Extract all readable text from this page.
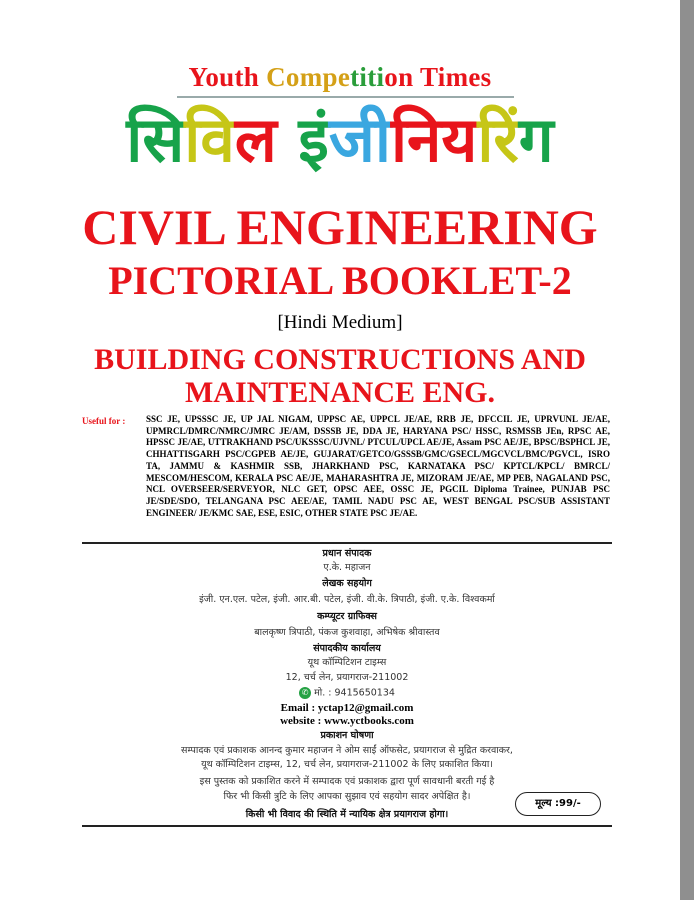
Youth Competition Times
सिविल इंजीनियरिंग
CIVIL ENGINEERING
PICTORIAL BOOKLET-2
[Hindi Medium]
BUILDING CONSTRUCTIONS AND
MAINTENANCE ENG.
Useful for : SSC JE, UPSSSC JE, UP JAL NIGAM, UPPSC AE, UPPCL JE/AE, RRB JE, DFCCIL JE, UPRVUNL JE/AE, UPMRCL/DMRC/NMRC/JMRC JE/AM, DSSSB JE, DDA JE, HARYANA PSC/ HSSC, RSMSSB JEn, RPSC AE, HPSSC JE/AE, UTTRAKHAND PSC/UKSSSC/UJVNL/ PTCUL/UPCL AE/JE, Assam PSC AE/JE, BPSC/BSPHCL JE, CHHATTISGARH PSC/CGPEB AE/JE, GUJARAT/GETCO/GSSSB/GMC/GSECL/MGCVCL/BMC/PGVCL, ISRO TA, JAMMU & KASHMIR SSB, JHARKHAND PSC, KARNATAKA PSC/ KPTCL/KPCL/ BMRCL/ MESCOM/HESCOM, KERALA PSC AE/JE, MAHARASHTRA JE, MIZORAM JE/AE, MP PEB, NAGALAND PSC, NCL OVERSEER/SERVEYOR, NLC GET, OPSC AEE, OSSC JE, PGCIL Diploma Trainee, PUNJAB PSC JE/SDE/SDO, TELANGANA PSC AEE/AE, TAMIL NADU PSC AE, WEST BENGAL PSC/SUB ASSISTANT ENGINEER/ JE/KMC SAE, ESE, ESIC, OTHER STATE PSC JE/AE.
प्रधान संपादक
ए.के. महाजन
लेखक सहयोग
इंजी. एन.एल. पटेल, इंजी. आर.बी. पटेल, इंजी. वी.के. त्रिपाठी, इंजी. ए.के. विश्वकर्मा
कम्प्यूटर ग्राफिक्स
बालकृष्ण त्रिपाठी, पंकज कुशवाहा, अभिषेक श्रीवास्तव
संपादकीय कार्यालय
यूथ कॉम्पिटिशन टाइम्स
12, चर्च लेन, प्रयागराज-211002
✆ मो. : 9415650134
Email : yctap12@gmail.com
website : www.yctbooks.com
प्रकाशन घोषणा
सम्पादक एवं प्रकाशक आनन्द कुमार महाजन ने ओम साईं ऑफसेट, प्रयागराज से मुद्रित करवाकर,
यूथ कॉम्पिटिशन टाइम्स, 12, चर्च लेन, प्रयागराज-211002 के लिए प्रकाशित किया।
इस पुस्तक को प्रकाशित करने में सम्पादक एवं प्रकाशक द्वारा पूर्ण सावधानी बरती गई है
फिर भी किसी त्रुटि के लिए आपका सुझाव एवं सहयोग सादर अपेक्षित है।
मूल्य :99/-
किसी भी विवाद की स्थिति में न्यायिक क्षेत्र प्रयागराज होगा।
